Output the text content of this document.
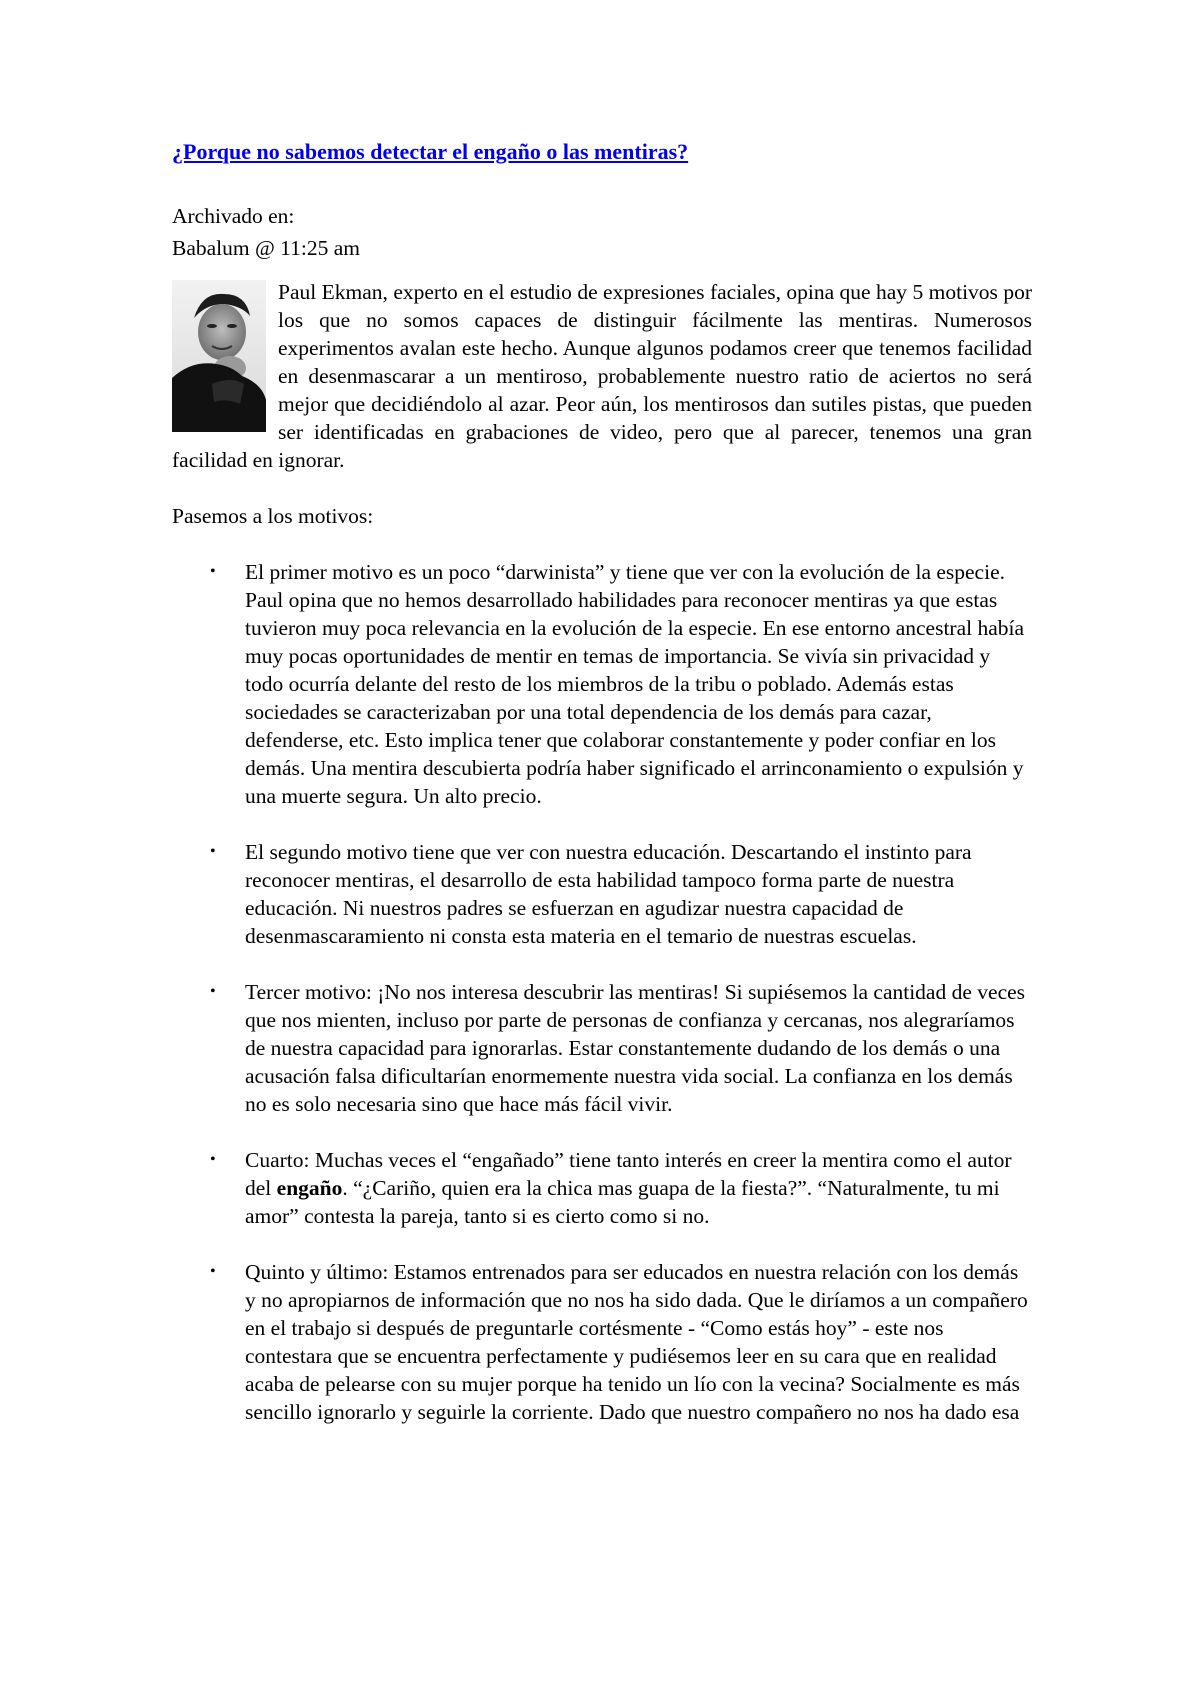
¿Porque no sabemos detectar el engaño o las mentiras?
Archivado en:
Babalum @ 11:25 am
Paul Ekman, experto en el estudio de expresiones faciales, opina que hay 5 motivos por los que no somos capaces de distinguir fácilmente las mentiras. Numerosos experimentos avalan este hecho. Aunque algunos podamos creer que tenemos facilidad en desenmascarar a un mentiroso, probablemente nuestro ratio de aciertos no será mejor que decidiéndolo al azar. Peor aún, los mentirosos dan sutiles pistas, que pueden ser identificadas en grabaciones de video, pero que al parecer, tenemos una gran facilidad en ignorar.
Pasemos a los motivos:
• El primer motivo es un poco “darwinista” y tiene que ver con la evolución de la especie. Paul opina que no hemos desarrollado habilidades para reconocer mentiras ya que estas tuvieron muy poca relevancia en la evolución de la especie. En ese entorno ancestral había muy pocas oportunidades de mentir en temas de importancia. Se vivía sin privacidad y todo ocurría delante del resto de los miembros de la tribu o poblado. Además estas sociedades se caracterizaban por una total dependencia de los demás para cazar, defenderse, etc. Esto implica tener que colaborar constantemente y poder confiar en los demás. Una mentira descubierta podría haber significado el arrinconamiento o expulsión y una muerte segura. Un alto precio.
• El segundo motivo tiene que ver con nuestra educación. Descartando el instinto para reconocer mentiras, el desarrollo de esta habilidad tampoco forma parte de nuestra educación. Ni nuestros padres se esfuerzan en agudizar nuestra capacidad de desenmascaramiento ni consta esta materia en el temario de nuestras escuelas.
• Tercer motivo: ¡No nos interesa descubrir las mentiras! Si supiésemos la cantidad de veces que nos mienten, incluso por parte de personas de confianza y cercanas, nos alegraríamos de nuestra capacidad para ignorarlas. Estar constantemente dudando de los demás o una acusación falsa dificultarían enormemente nuestra vida social. La confianza en los demás no es solo necesaria sino que hace más fácil vivir.
• Cuarto: Muchas veces el “engañado” tiene tanto interés en creer la mentira como el autor del engaño. “¿Cariño, quien era la chica mas guapa de la fiesta?”. “Naturalmente, tu mi amor” contesta la pareja, tanto si es cierto como si no.
• Quinto y último: Estamos entrenados para ser educados en nuestra relación con los demás y no apropiarnos de información que no nos ha sido dada. Que le diríamos a un compañero en el trabajo si después de preguntarle cortésmente - “Como estás hoy” - este nos contestara que se encuentra perfectamente y pudiésemos leer en su cara que en realidad acaba de pelearse con su mujer porque ha tenido un lío con la vecina? Socialmente es más sencillo ignorarlo y seguirle la corriente. Dado que nuestro compañero no nos ha dado esa
